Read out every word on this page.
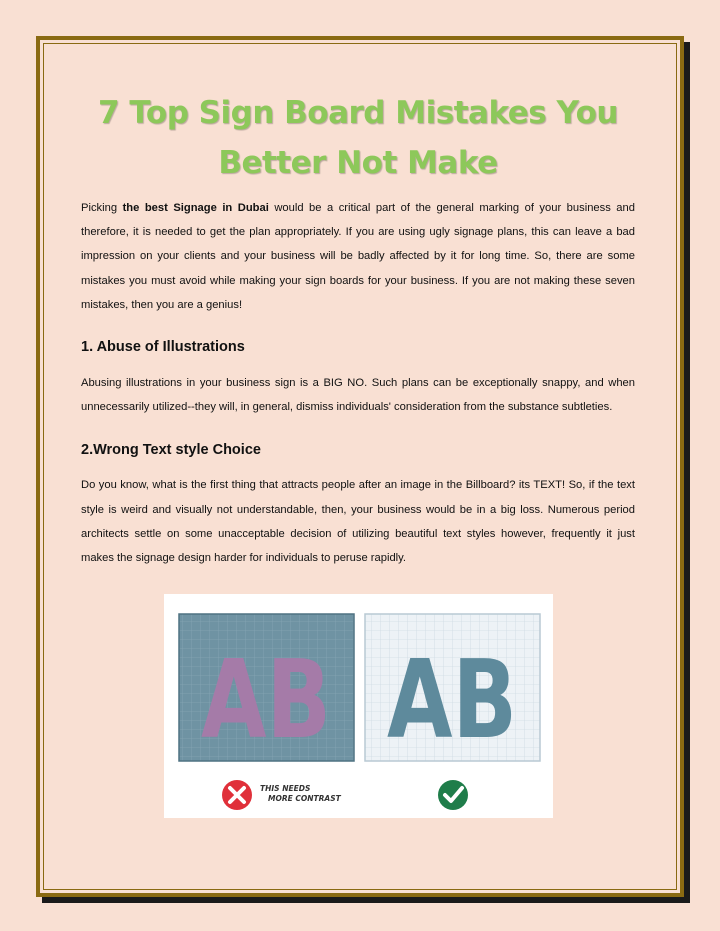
7 Top Sign Board Mistakes You
Better Not Make

Picking the best Signage in Dubai would be a critical part of the general marking of your business and therefore, it is needed to get the plan appropriately. If you are using ugly signage plans, this can leave a bad impression on your clients and your business will be badly affected by it for long time. So, there are some mistakes you must avoid while making your sign boards for your business. If you are not making these seven mistakes, then you are a genius!

1. Abuse of Illustrations

Abusing illustrations in your business sign is a BIG NO. Such plans can be exceptionally snappy, and when unnecessarily utilized--they will, in general, dismiss individuals' consideration from the substance subtleties.

2.Wrong Text style Choice

Do you know, what is the first thing that attracts people after an image in the Billboard? its TEXT! So, if the text style is weird and visually not understandable, then, your business would be in a big loss. Numerous period architects settle on some unacceptable decision of utilizing beautiful text styles however, frequently it just makes the signage design harder for individuals to peruse rapidly.

AB AB
THIS NEEDS
MORE CONTRAST
